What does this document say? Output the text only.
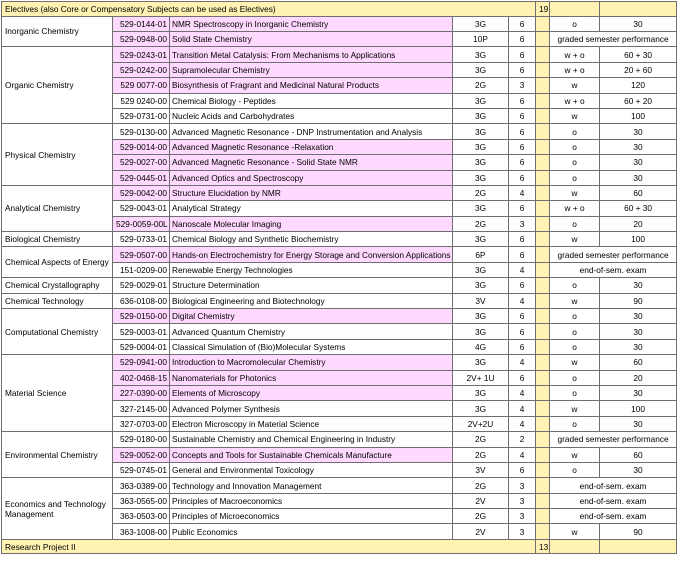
Electives (also Core or Compensatory Subjects can be used as Electives)					19		
Inorganic Chemistry	529-0144-01	NMR Spectroscopy in Inorganic Chemistry	3G	6		o	30
	529-0948-00	Solid State Chemistry	10P	6		graded semester performance	
Organic Chemistry	529-0243-01	Transition Metal Catalysis: From Mechanisms to Applications	3G	6		w + o	60 + 30
	529-0242-00	Supramolecular Chemistry	3G	6		w + o	20 + 60
	529 0077-00	Biosynthesis of Fragrant and Medicinal Natural Products	2G	3		w	120
	529 0240-00	Chemical Biology - Peptides	3G	6		w + o	60 + 20
	529-0731-00	Nucleic Acids and Carbohydrates	3G	6		w	100
Physical Chemistry	529-0130-00	Advanced Magnetic Resonance - DNP Instrumentation and Analysis	3G	6		o	30
	529-0014-00	Advanced Magnetic Resonance -Relaxation	3G	6		o	30
	529-0027-00	Advanced Magnetic Resonance - Solid State NMR	3G	6		o	30
	529-0445-01	Advanced Optics and Spectroscopy	3G	6		o	30
Analytical Chemistry	529-0042-00	Structure Elucidation by NMR	2G	4		w	60
	529-0043-01	Analytical Strategy	3G	6		w + o	60 + 30
	529-0059-00L	Nanoscale Molecular Imaging	2G	3		o	20
Biological Chemistry	529-0733-01	Chemical Biology and Synthetic Biochemistry	3G	6		w	100
Chemical Aspects of Energy	529-0507-00	Hands-on Electrochemistry for Energy Storage and Conversion Applications	6P	6		graded semester performance	
	151-0209-00	Renewable Energy Technologies	3G	4		end-of-sem. exam	
Chemical Crystallography	529-0029-01	Structure Determination	3G	6		o	30
Chemical Technology	636-0108-00	Biological Engineering and Biotechnology	3V	4		w	90
Computational Chemistry	529-0150-00	Digital Chemistry	3G	6		o	30
	529-0003-01	Advanced Quantum Chemistry	3G	6		o	30
	529-0004-01	Classical Simulation of (Bio)Molecular Systems	4G	6		o	30
Material Science	529-0941-00	Introduction to Macromolecular Chemistry	3G	4		w	60
	402-0468-15	Nanomaterials for Photonics	2V+ 1U	6		o	20
	227-0390-00	Elements of Microscopy	3G	4		o	30
	327-2145-00	Advanced Polymer Synthesis	3G	4		w	100
	327-0703-00	Electron Microscopy in Material Science	2V+2U	4		o	30
Environmental Chemistry	529-0180-00	Sustainable Chemistry and Chemical Engineering in Industry	2G	2		graded semester performance	
	529-0052-00	Concepts and Tools for Sustainable Chemicals Manufacture	2G	4		w	60
	529-0745-01	General and Environmental Toxicology	3V	6		o	30
Economics and Technology Management	363-0389-00	Technology and Innovation Management	2G	3		end-of-sem. exam	
	363-0565-00	Principles of Macroeconomics	2V	3		end-of-sem. exam	
	363-0503-00	Principles of Microeconomics	2G	3		end-of-sem. exam	
	363-1008-00	Public Economics	2V	3		w	90
Research Project II					13		
